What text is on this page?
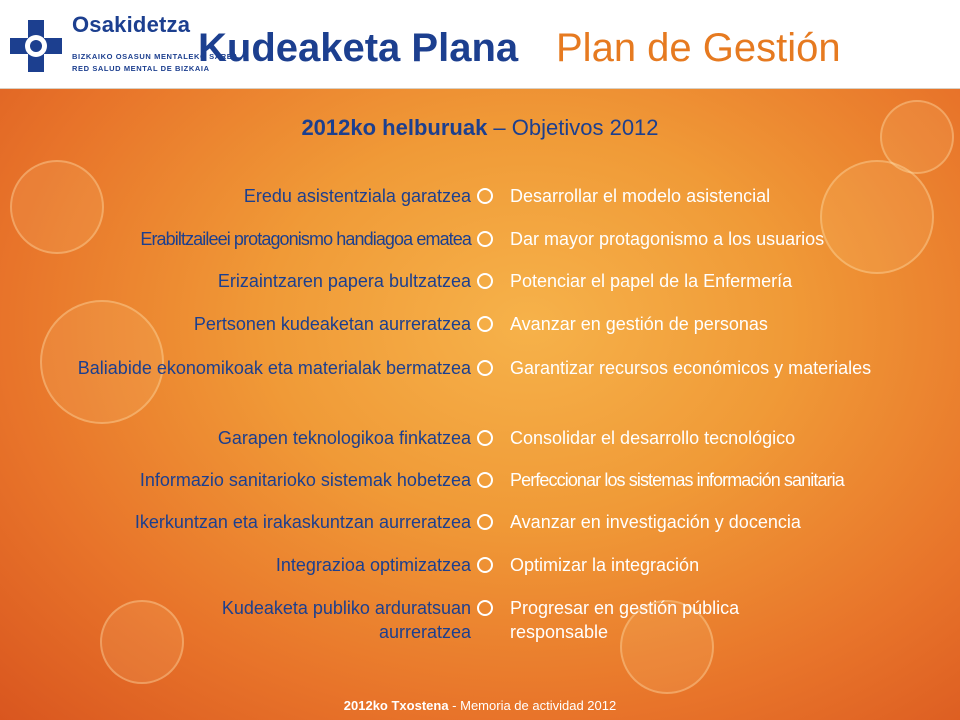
Osakidetza
BIZKAIKO OSASUN MENTALEKO SAREA
RED SALUD MENTAL DE BIZKAIA
Kudeaketa Plana Plan de Gestión
2012ko helburuak – Objetivos 2012
Eredu asistentziala garatzea Desarrollar el modelo asistencial
Erabiltzaileei protagonismo handiagoa ematea Dar mayor protagonismo a los usuarios
Erizaintzaren papera bultzatzea Potenciar el papel de la Enfermería
Pertsonen kudeaketan aurreratzea Avanzar en gestión de personas
Baliabide ekonomikoak eta materialak bermatzea Garantizar recursos económicos y materiales
Garapen teknologikoa finkatzea Consolidar el desarrollo tecnológico
Informazio sanitarioko sistemak hobetzea Perfeccionar los sistemas información sanitaria
Ikerkuntzan eta irakaskuntzan aurreratzea Avanzar en investigación y docencia
Integrazioa optimizatzea Optimizar la integración
Kudeaketa publiko arduratsuan aurreratzea
Progresar en gestión pública responsable
2012ko Txostena - Memoria de actividad 2012
